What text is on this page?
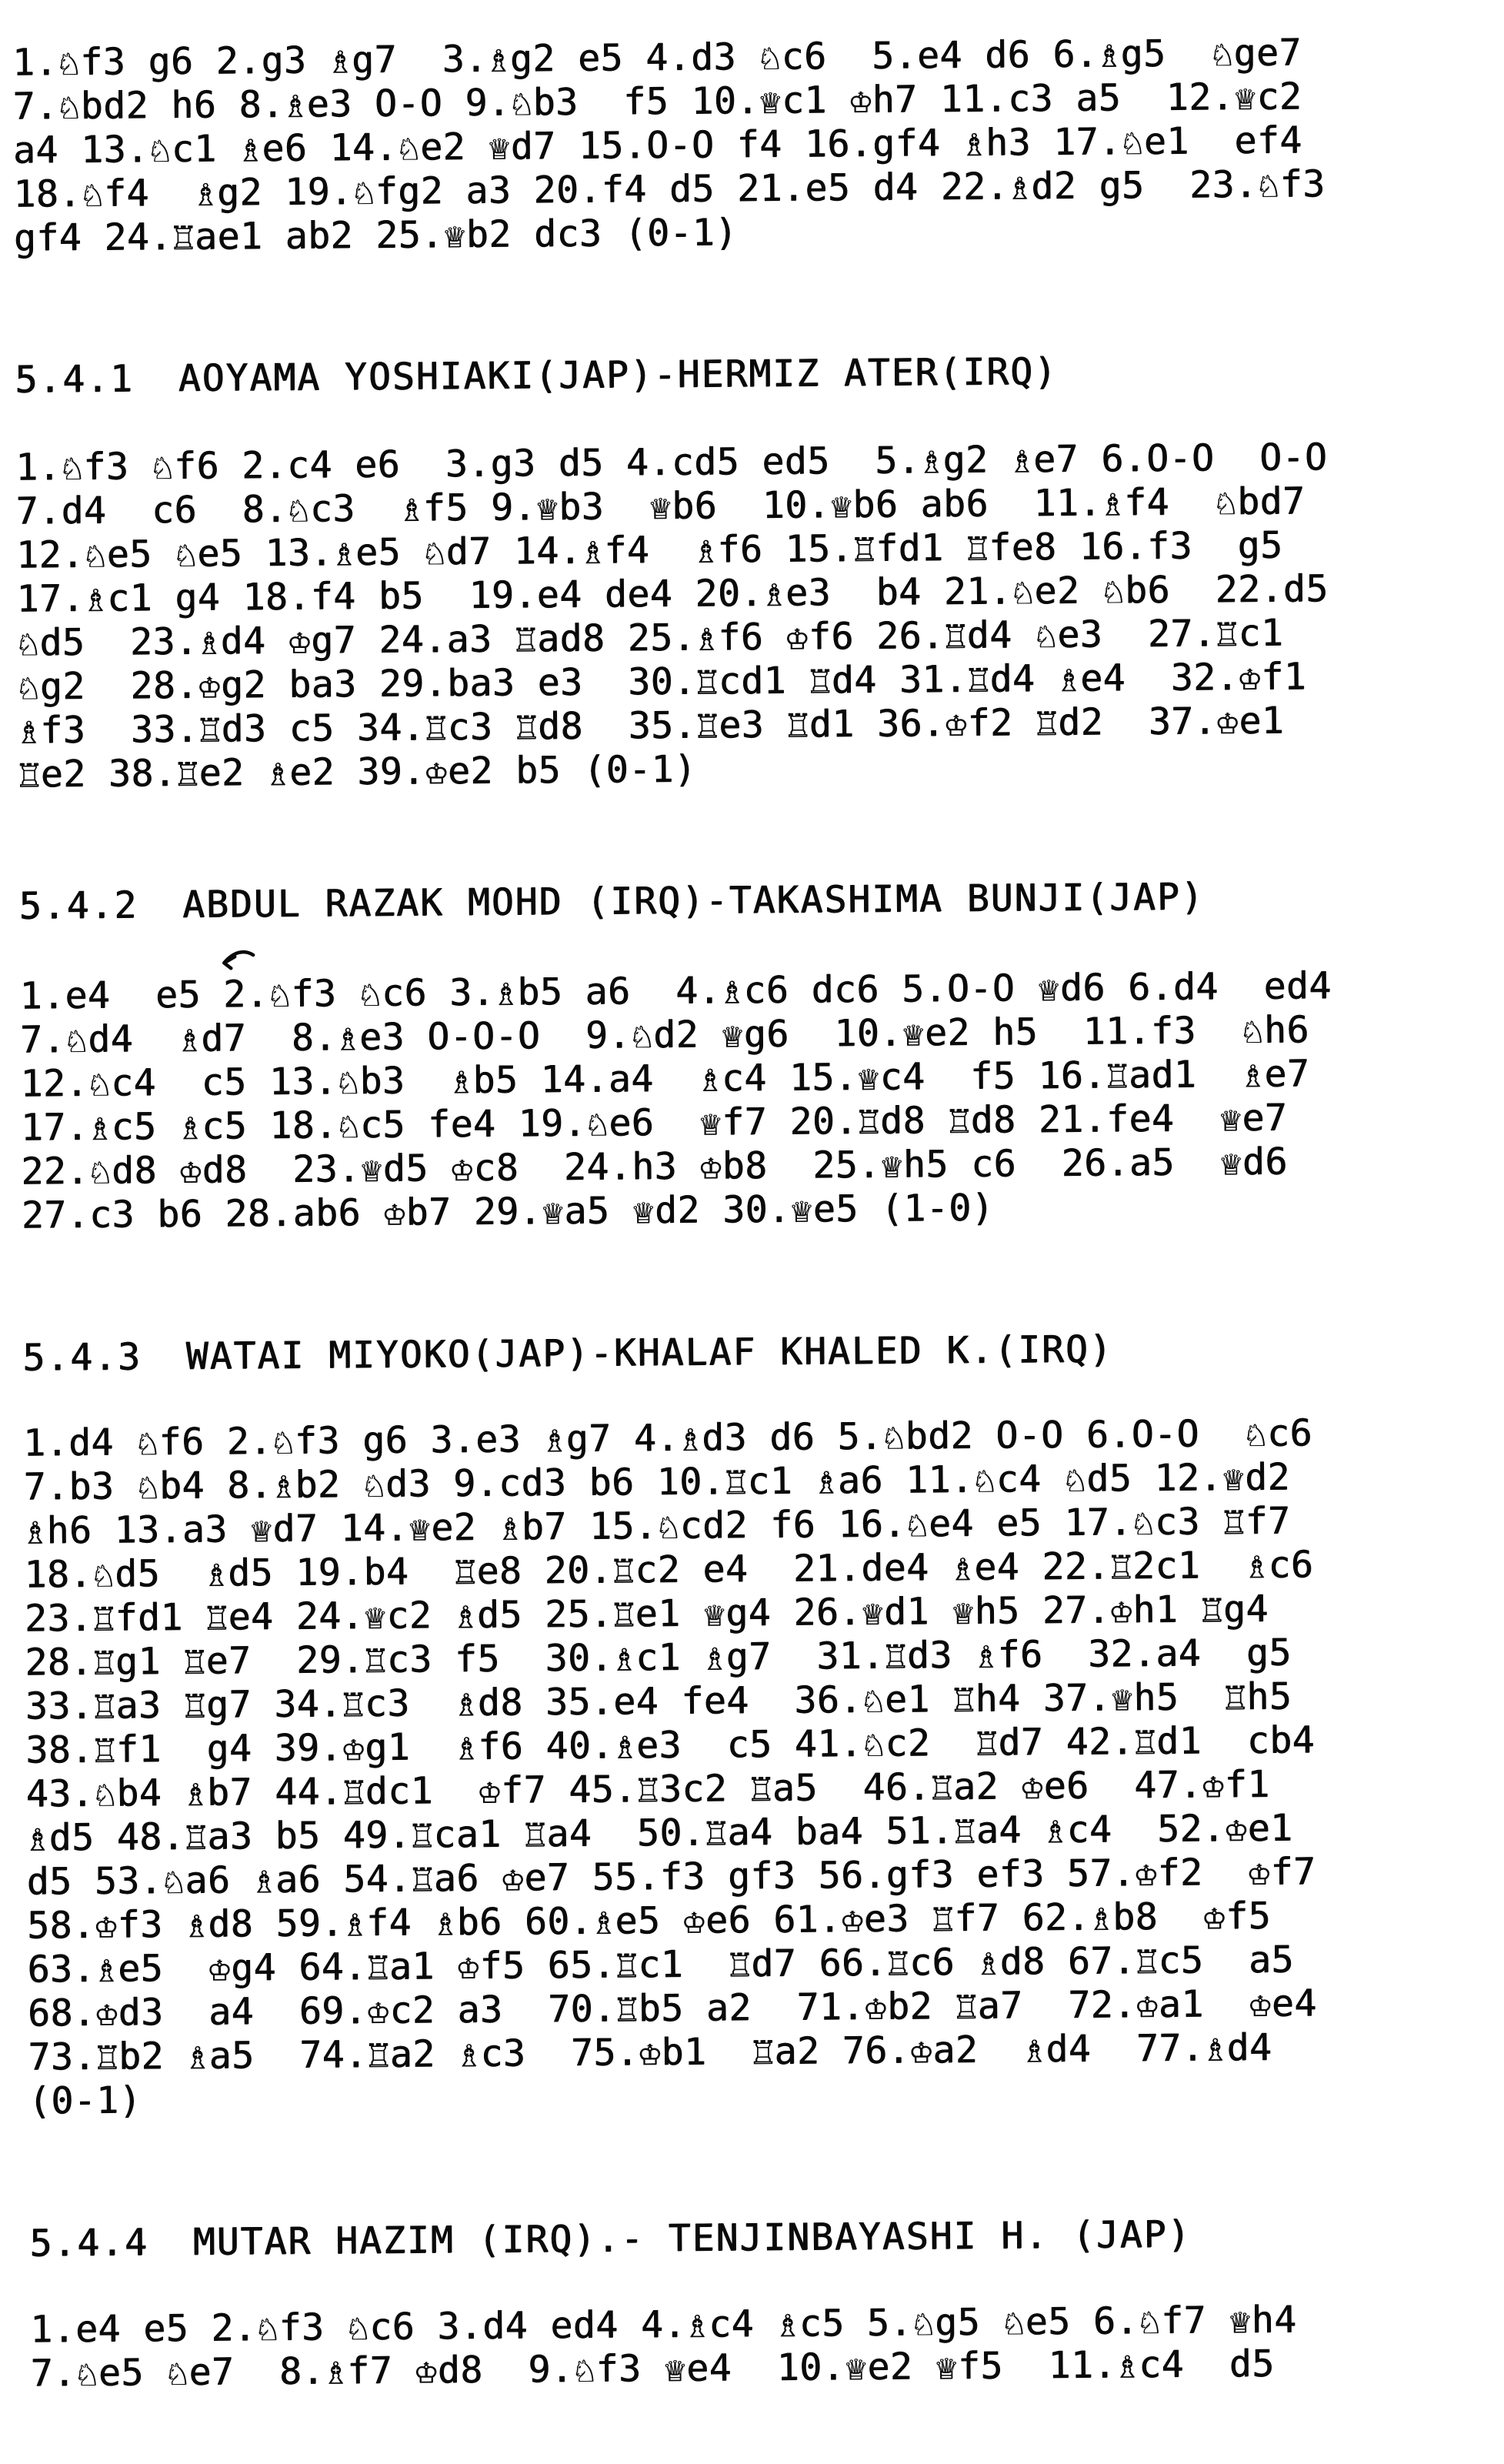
1.♘f3 g6 2.g3 ♗g7  3.♗g2 e5 4.d3 ♘c6  5.e4 d6 6.♗g5  ♘ge7
7.♘bd2 h6 8.♗e3 O-O 9.♘b3  f5 10.♕c1 ♔h7 11.c3 a5  12.♕c2
a4 13.♘c1 ♗e6 14.♘e2 ♕d7 15.O-O f4 16.gf4 ♗h3 17.♘e1  ef4
18.♘f4  ♗g2 19.♘fg2 a3 20.f4 d5 21.e5 d4 22.♗d2 g5  23.♘f3
gf4 24.♖ae1 ab2 25.♕b2 dc3 (0-1)
5.4.1 AOYAMA YOSHIAKI(JAP)-HERMIZ ATER(IRQ)
1.♘f3 ♘f6 2.c4 e6  3.g3 d5 4.cd5 ed5  5.♗g2 ♗e7 6.O-O  O-O
7.d4  c6  8.♘c3  ♗f5 9.♕b3  ♕b6  10.♕b6 ab6  11.♗f4  ♘bd7
12.♘e5 ♘e5 13.♗e5 ♘d7 14.♗f4  ♗f6 15.♖fd1 ♖fe8 16.f3  g5
17.♗c1 g4 18.f4 b5  19.e4 de4 20.♗e3  b4 21.♘e2 ♘b6  22.d5
♘d5  23.♗d4 ♔g7 24.a3 ♖ad8 25.♗f6 ♔f6 26.♖d4 ♘e3  27.♖c1
♘g2  28.♔g2 ba3 29.ba3 e3  30.♖cd1 ♖d4 31.♖d4 ♗e4  32.♔f1
♗f3  33.♖d3 c5 34.♖c3 ♖d8  35.♖e3 ♖d1 36.♔f2 ♖d2  37.♔e1
♖e2 38.♖e2 ♗e2 39.♔e2 b5 (0-1)
5.4.2 ABDUL RAZAK MOHD (IRQ)-TAKASHIMA BUNJI(JAP)
1.e4  e5 2.♘f3 ♘c6 3.♗b5 a6  4.♗c6 dc6 5.O-O ♕d6 6.d4  ed4
7.♘d4  ♗d7  8.♗e3 O-O-O  9.♘d2 ♕g6  10.♕e2 h5  11.f3  ♘h6
12.♘c4  c5 13.♘b3  ♗b5 14.a4  ♗c4 15.♕c4  f5 16.♖ad1  ♗e7
17.♗c5 ♗c5 18.♘c5 fe4 19.♘e6  ♕f7 20.♖d8 ♖d8 21.fe4  ♕e7
22.♘d8 ♔d8  23.♕d5 ♔c8  24.h3 ♔b8  25.♕h5 c6  26.a5  ♕d6
27.c3 b6 28.ab6 ♔b7 29.♕a5 ♕d2 30.♕e5 (1-0)
5.4.3 WATAI MIYOKO(JAP)-KHALAF KHALED K.(IRQ)
1.d4 ♘f6 2.♘f3 g6 3.e3 ♗g7 4.♗d3 d6 5.♘bd2 O-O 6.O-O  ♘c6
7.b3 ♘b4 8.♗b2 ♘d3 9.cd3 b6 10.♖c1 ♗a6 11.♘c4 ♘d5 12.♕d2
♗h6 13.a3 ♕d7 14.♕e2 ♗b7 15.♘cd2 f6 16.♘e4 e5 17.♘c3 ♖f7
18.♘d5  ♗d5 19.b4  ♖e8 20.♖c2 e4  21.de4 ♗e4 22.♖2c1  ♗c6
23.♖fd1 ♖e4 24.♕c2 ♗d5 25.♖e1 ♕g4 26.♕d1 ♕h5 27.♔h1 ♖g4
28.♖g1 ♖e7  29.♖c3 f5  30.♗c1 ♗g7  31.♖d3 ♗f6  32.a4  g5
33.♖a3 ♖g7 34.♖c3  ♗d8 35.e4 fe4  36.♘e1 ♖h4 37.♕h5  ♖h5
38.♖f1  g4 39.♔g1  ♗f6 40.♗e3  c5 41.♘c2  ♖d7 42.♖d1  cb4
43.♘b4 ♗b7 44.♖dc1  ♔f7 45.♖3c2 ♖a5  46.♖a2 ♔e6  47.♔f1
♗d5 48.♖a3 b5 49.♖ca1 ♖a4  50.♖a4 ba4 51.♖a4 ♗c4  52.♔e1
d5 53.♘a6 ♗a6 54.♖a6 ♔e7 55.f3 gf3 56.gf3 ef3 57.♔f2  ♔f7
58.♔f3 ♗d8 59.♗f4 ♗b6 60.♗e5 ♔e6 61.♔e3 ♖f7 62.♗b8  ♔f5
63.♗e5  ♔g4 64.♖a1 ♔f5 65.♖c1  ♖d7 66.♖c6 ♗d8 67.♖c5  a5
68.♔d3  a4  69.♔c2 a3  70.♖b5 a2  71.♔b2 ♖a7  72.♔a1  ♔e4
73.♖b2 ♗a5  74.♖a2 ♗c3  75.♔b1  ♖a2 76.♔a2  ♗d4  77.♗d4
(0-1)
5.4.4 MUTAR HAZIM (IRQ).- TENJINBAYASHI H. (JAP)
1.e4 e5 2.♘f3 ♘c6 3.d4 ed4 4.♗c4 ♗c5 5.♘g5 ♘e5 6.♘f7 ♕h4
7.♘e5 ♘e7  8.♗f7 ♔d8  9.♘f3 ♕e4  10.♕e2 ♕f5  11.♗c4  d5
